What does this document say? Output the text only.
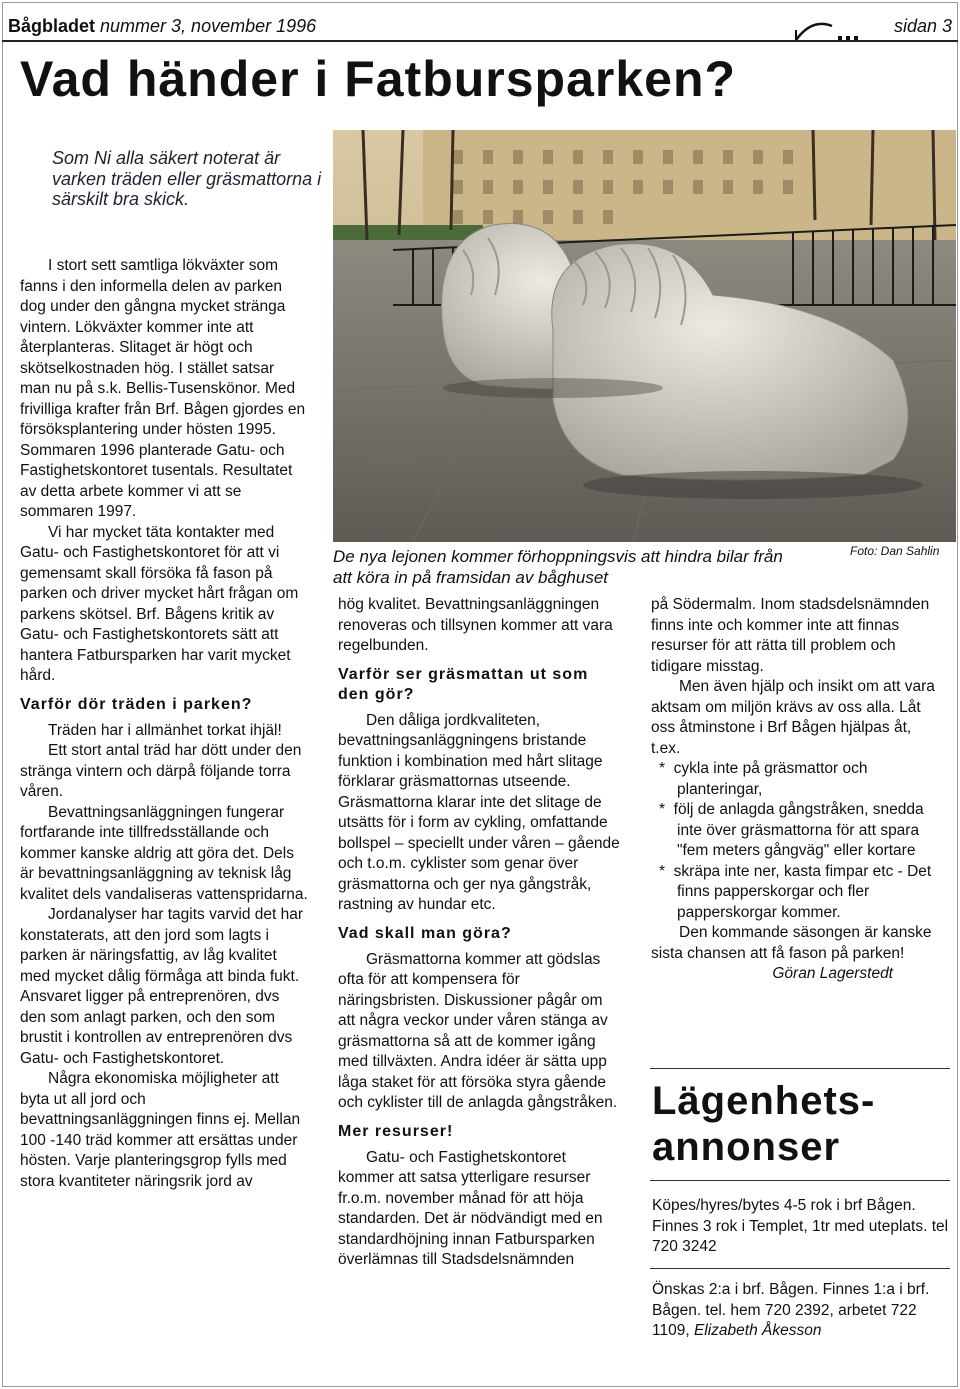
Bågbladet nummer 3, november 1996	sidan 3
Vad händer i Fatbursparken?
Som Ni alla säkert noterat är varken träden eller gräsmattorna i särskilt bra skick.
De nya lejonen kommer förhoppningsvis att hindra bilar från att köra in på framsidan av båghuset
Foto: Dan Sahlin

I stort sett samtliga lökväxter som fanns i den informella delen av parken dog under den gångna mycket stränga vintern. Lökväxter kommer inte att återplanteras. Slitaget är högt och skötselkostnaden hög. I stället satsar man nu på s.k. Bellis-Tusenskönor. Med frivilliga krafter från Brf. Bågen gjordes en försöksplantering under hösten 1995. Sommaren 1996 planterade Gatu- och Fastighetskontoret tusentals. Resultatet av detta arbete kommer vi att se sommaren 1997.

Vi har mycket täta kontakter med Gatu- och Fastighetskontoret för att vi gemensamt skall försöka få fason på parken och driver mycket hårt frågan om parkens skötsel. Brf. Bågens kritik av Gatu- och Fastighetskontorets sätt att hantera Fatbursparken har varit mycket hård.

Varför dör träden i parken?

Träden har i allmänhet torkat ihjäl!

Ett stort antal träd har dött under den stränga vintern och därpå följande torra våren.

Bevattningsanläggningen fungerar fortfarande inte tillfredsställande och kommer kanske aldrig att göra det. Dels är bevattningsanläggning av teknisk låg kvalitet dels vandaliseras vattenspridarna.

Jordanalyser har tagits varvid det har konstaterats, att den jord som lagts i parken är näringsfattig, av låg kvalitet med mycket dålig förmåga att binda fukt. Ansvaret ligger på entreprenören, dvs den som anlagt parken, och den som brustit i kontrollen av entreprenören dvs Gatu- och Fastighetskontoret.

Några ekonomiska möjligheter att byta ut all jord och bevattningsanläggningen finns ej. Mellan 100 -140 träd kommer att ersättas under hösten. Varje planteringsgrop fylls med stora kvantiteter näringsrik jord av

hög kvalitet. Bevattningsanläggningen renoveras och tillsynen kommer att vara regelbunden.

Varför ser gräsmattan ut som den gör?

Den dåliga jordkvaliteten, bevattningsanläggningens bristande funktion i kombination med hårt slitage förklarar gräsmattornas utseende. Gräsmattorna klarar inte det slitage de utsätts för i form av cykling, omfattande bollspel – speciellt under våren – gående och t.o.m. cyklister som genar över gräsmattorna och ger nya gångstråk, rastning av hundar etc.

Vad skall man göra?

Gräsmattorna kommer att gödslas ofta för att kompensera för näringsbristen. Diskussioner pågår om att några veckor under våren stänga av gräsmattorna så att de kommer igång med tillväxten. Andra idéer är sätta upp låga staket för att försöka styra gående och cyklister till de anlagda gångstråken.

Mer resurser!

Gatu- och Fastighetskontoret kommer att satsa ytterligare resurser fr.o.m. november månad för att höja standarden. Det är nödvändigt med en standardhöjning innan Fatbursparken överlämnas till Stadsdelsnämnden

på Södermalm. Inom stadsdelsnämnden finns inte och kommer inte att finnas resurser för att rätta till problem och tidigare misstag.

Men även hjälp och insikt om att vara aktsam om miljön krävs av oss alla. Låt oss åtminstone i Brf Bågen hjälpas åt, t.ex.

*  cykla inte på gräsmattor och planteringar,

*  följ de anlagda gångstråken, snedda inte över gräsmattorna för att spara "fem meters gångväg" eller kortare

*  skräpa inte ner, kasta fimpar etc - Det finns papperskorgar och fler papperskorgar kommer.

Den kommande säsongen är kanske sista chansen att få fason på parken!

Göran Lagerstedt

Lägenhets-
annonser
Köpes/hyres/bytes 4-5 rok i brf Bågen. Finnes 3 rok i Templet, 1tr med uteplats. tel 720 3242
Önskas 2:a i brf. Bågen. Finnes 1:a i brf. Bågen. tel. hem 720 2392, arbetet 722 1109, Elizabeth Åkesson
